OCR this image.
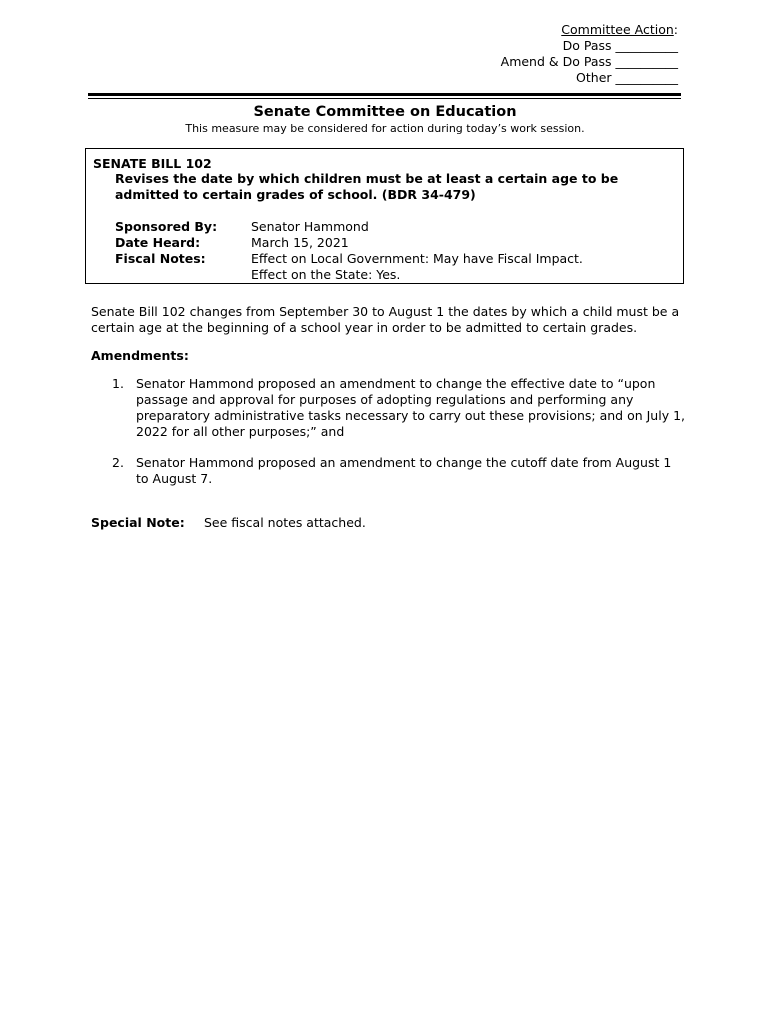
Committee Action:
Do Pass __________
Amend & Do Pass __________
Other __________
Senate Committee on Education
This measure may be considered for action during today’s work session.
SENATE BILL 102
Revises the date by which children must be at least a certain age to be admitted to certain grades of school. (BDR 34-479)
Sponsored By:	Senator Hammond
Date Heard:	March 15, 2021
Fiscal Notes:	Effect on Local Government: May have Fiscal Impact.
Effect on the State: Yes.
Senate Bill 102 changes from September 30 to August 1 the dates by which a child must be a certain age at the beginning of a school year in order to be admitted to certain grades.
Amendments:
1. Senator Hammond proposed an amendment to change the effective date to “upon passage and approval for purposes of adopting regulations and performing any preparatory administrative tasks necessary to carry out these provisions; and on July 1, 2022 for all other purposes;” and
2. Senator Hammond proposed an amendment to change the cutoff date from August 1 to August 7.
Special Note:	See fiscal notes attached.
